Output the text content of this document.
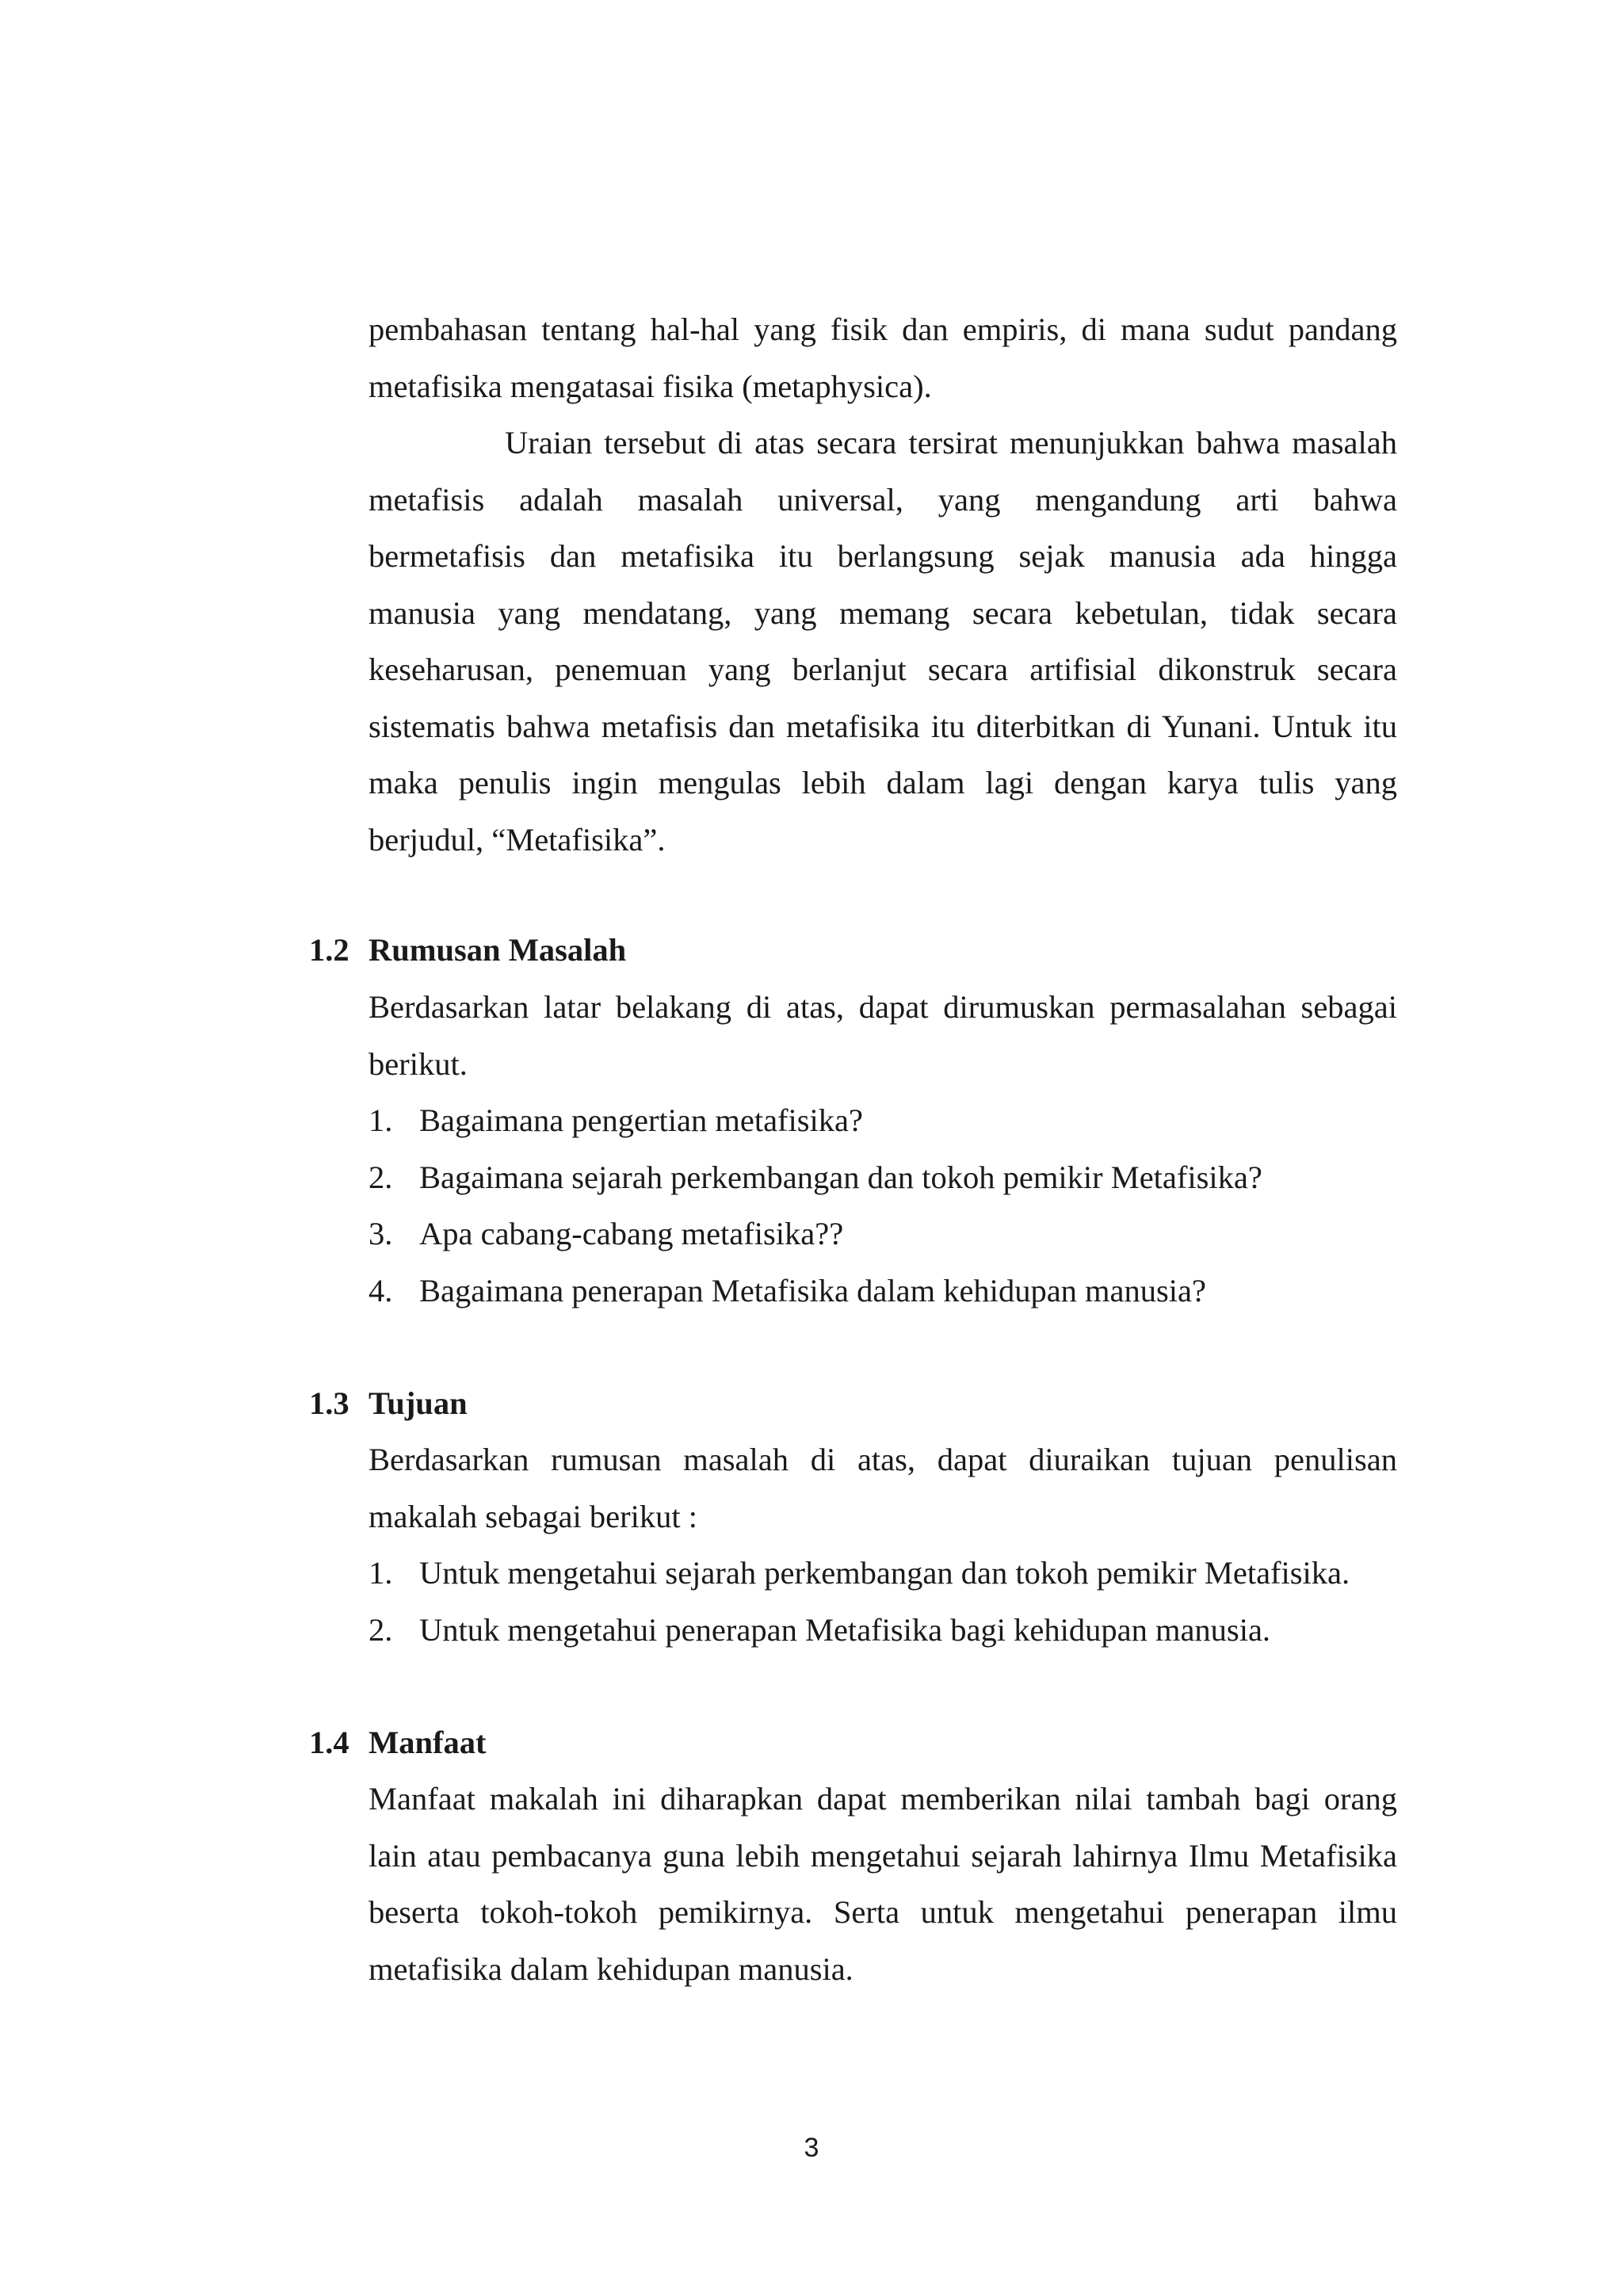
pembahasan tentang hal-hal yang fisik dan empiris, di mana sudut pandang
metafisika mengatasai fisika (metaphysica).
Uraian tersebut di atas secara tersirat menunjukkan bahwa masalah
metafisis adalah masalah universal, yang mengandung arti bahwa
bermetafisis dan metafisika itu berlangsung sejak manusia ada hingga
manusia yang mendatang, yang memang secara kebetulan, tidak secara
keseharusan, penemuan yang berlanjut secara artifisial dikonstruk secara
sistematis bahwa metafisis dan metafisika itu diterbitkan di Yunani. Untuk itu
maka penulis ingin mengulas lebih dalam lagi dengan karya tulis yang
berjudul, “Metafisika”.
1.2 Rumusan Masalah
Berdasarkan latar belakang di atas, dapat dirumuskan permasalahan sebagai
berikut.
1. Bagaimana pengertian metafisika?
2. Bagaimana sejarah perkembangan dan tokoh pemikir Metafisika?
3. Apa cabang-cabang metafisika??
4. Bagaimana penerapan Metafisika dalam kehidupan manusia?
1.3 Tujuan
Berdasarkan rumusan masalah di atas, dapat diuraikan tujuan penulisan
makalah sebagai berikut :
1. Untuk mengetahui sejarah perkembangan dan tokoh pemikir Metafisika.
2. Untuk mengetahui penerapan Metafisika bagi kehidupan manusia.
1.4 Manfaat
Manfaat makalah ini diharapkan dapat memberikan nilai tambah bagi orang
lain atau pembacanya guna lebih mengetahui sejarah lahirnya Ilmu Metafisika
beserta tokoh-tokoh pemikirnya. Serta untuk mengetahui penerapan ilmu
metafisika dalam kehidupan manusia.
3
